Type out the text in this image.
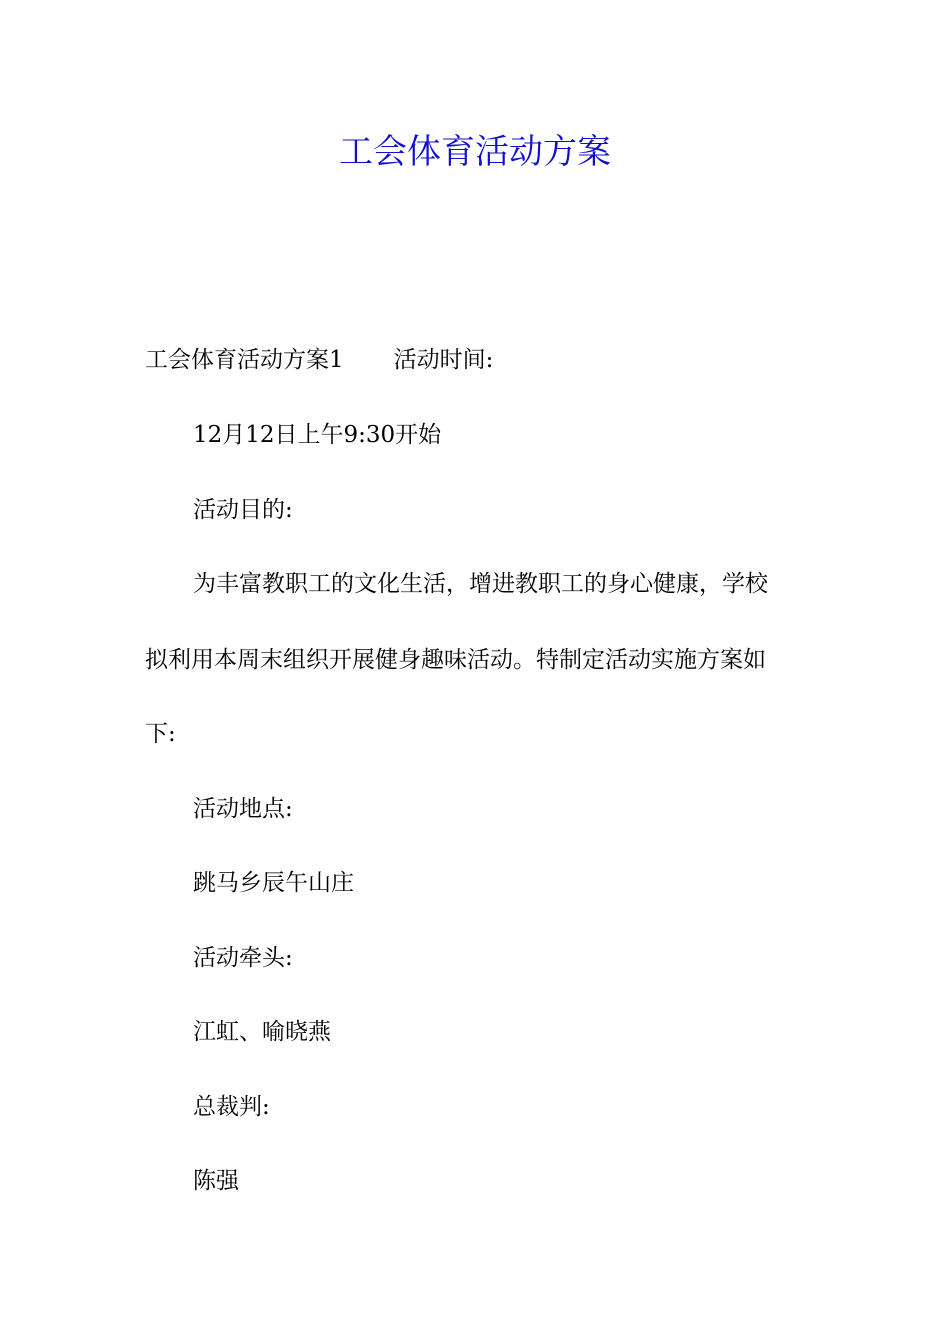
工会体育活动方案

工会体育活动方案1 活动时间:

12月12日上午9:30开始

活动目的:

为丰富教职工的文化生活，增进教职工的身心健康，学校

拟利用本周末组织开展健身趣味活动。特制定活动实施方案如

下:

活动地点:

跳马乡辰午山庄

活动牵头:

江虹、喻晓燕

总裁判:

陈强
